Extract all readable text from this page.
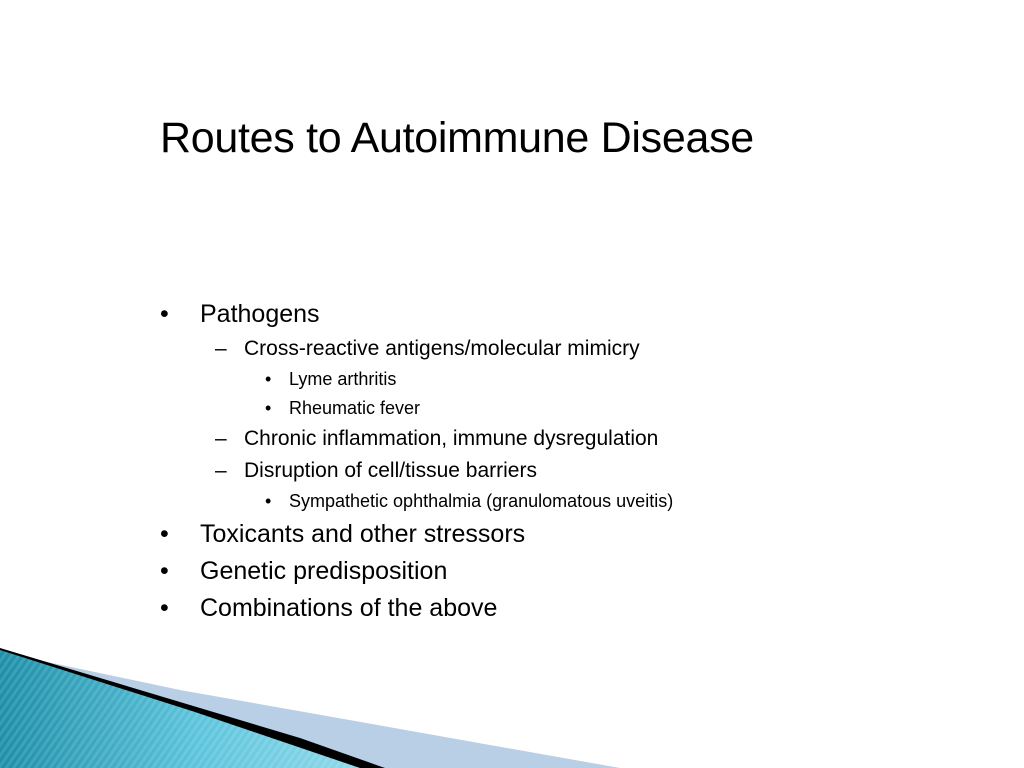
Routes to Autoimmune Disease
• Pathogens
– Cross-reactive antigens/molecular mimicry
• Lyme arthritis
• Rheumatic fever
– Chronic inflammation, immune dysregulation
– Disruption of cell/tissue barriers
• Sympathetic ophthalmia (granulomatous uveitis)
• Toxicants and other stressors
• Genetic predisposition
• Combinations of the above
